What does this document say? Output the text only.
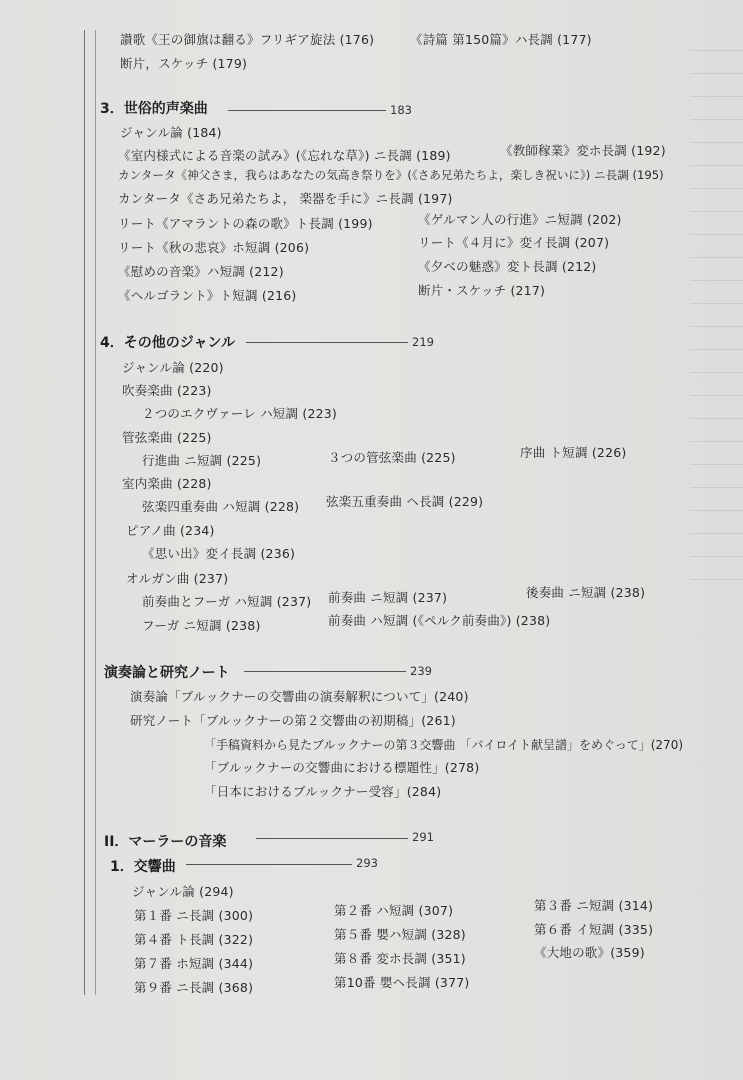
讃歌《王の御旗は翻る》フリギア旋法 (176)	《詩篇 第150篇》ハ長調 (177)
断片，スケッチ (179)
3．世俗的声楽曲	183
ジャンル論 (184)
《室内様式による音楽の試み》(《忘れな草》) ニ長調 (189)	《教師稼業》変ホ長調 (192)
カンタータ《神父さま，我らはあなたの気高き祭りを》(《さあ兄弟たちよ，楽しき祝いに》) ニ長調 (195)
カンタータ《さあ兄弟たちよ， 楽器を手に》ニ長調 (197)
リート《アマラントの森の歌》ト長調 (199)	《ゲルマン人の行進》ニ短調 (202)
リート《秋の悲哀》ホ短調 (206)	リート《４月に》変イ長調 (207)
《慰めの音楽》ハ短調 (212)	《夕べの魅惑》変ト長調 (212)
《ヘルゴラント》ト短調 (216)	断片・スケッチ (217)
4．その他のジャンル	219
ジャンル論 (220)
吹奏楽曲 (223)
２つのエクヴァーレ ハ短調 (223)
管弦楽曲 (225)
行進曲 ニ短調 (225)	３つの管弦楽曲 (225)	序曲 ト短調 (226)
室内楽曲 (228)
弦楽四重奏曲 ハ短調 (228) 弦楽五重奏曲 ヘ長調 (229)
ピアノ曲 (234)
《思い出》変イ長調 (236)
オルガン曲 (237)
前奏曲とフーガ ハ短調 (237) 前奏曲 ニ短調 (237)	後奏曲 ニ短調 (238)
フーガ ニ短調 (238)	前奏曲 ハ短調 (《ペルク前奏曲》) (238)
演奏論と研究ノート	239
演奏論「ブルックナーの交響曲の演奏解釈について」(240)
研究ノート「ブルックナーの第２交響曲の初期稿」(261)
「手稿資料から見たブルックナーの第３交響曲 「バイロイト献呈譜」をめぐって」(270)
「ブルックナーの交響曲における標題性」(278)
「日本におけるブルックナー受容」(284)
II．マーラーの音楽	291
1．交響曲	293
ジャンル論 (294)
第１番 ニ長調 (300)	第２番 ハ短調 (307)	第３番 ニ短調 (314)
第４番 ト長調 (322)	第５番 嬰ハ短調 (328)	第６番 イ短調 (335)
第７番 ホ短調 (344)	第８番 変ホ長調 (351)	《大地の歌》(359)
第９番 ニ長調 (368)	第10番 嬰ヘ長調 (377)
